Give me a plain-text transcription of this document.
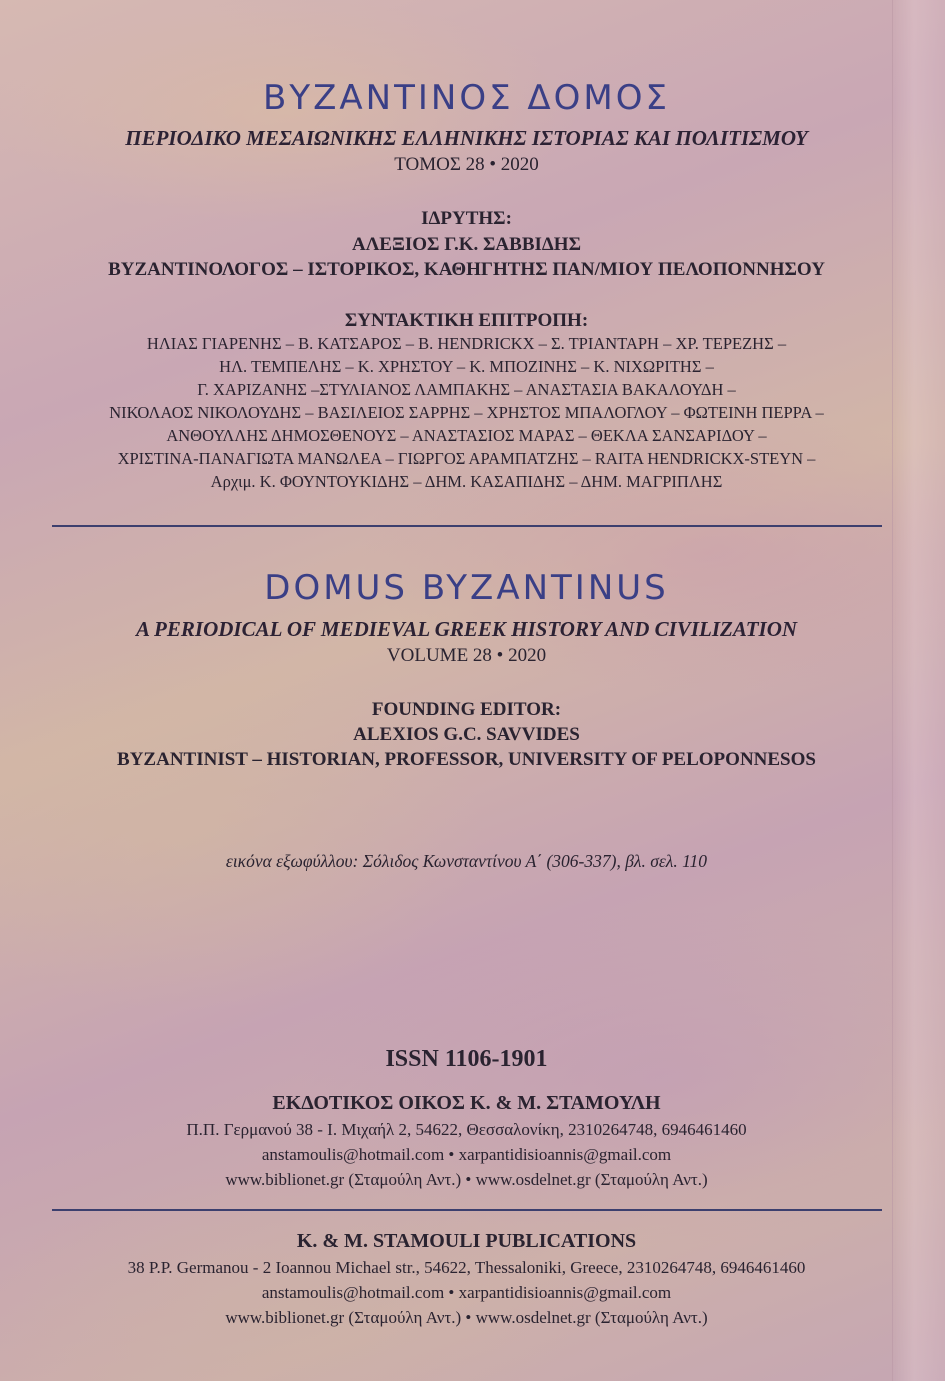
ΒΥΖΑΝΤΙΝΟΣ ΔΟΜΟΣ
ΠΕΡΙΟΔΙΚΟ ΜΕΣΑΙΩΝΙΚΗΣ ΕΛΛΗΝΙΚΗΣ ΙΣΤΟΡΙΑΣ ΚΑΙ ΠΟΛΙΤΙΣΜΟΥ
ΤΟΜΟΣ 28 • 2020
ΙΔΡΥΤΗΣ:
ΑΛΕΞΙΟΣ Γ.Κ. ΣΑΒΒΙΔΗΣ
ΒΥΖΑΝΤΙΝΟΛΟΓΟΣ – ΙΣΤΟΡΙΚΟΣ, ΚΑΘΗΓΗΤΗΣ ΠΑΝ/ΜΙΟΥ ΠΕΛΟΠΟΝΝΗΣΟΥ
ΣΥΝΤΑΚΤΙΚΗ ΕΠΙΤΡΟΠΗ:
ΗΛΙΑΣ ΓΙΑΡΕΝΗΣ – Β. ΚΑΤΣΑΡΟΣ – B. HENDRICKX – Σ. ΤΡΙΑΝΤΑΡΗ – ΧΡ. ΤΕΡΕΖΗΣ –
ΗΛ. ΤΕΜΠΕΛΗΣ – Κ. ΧΡΗΣΤΟΥ – Κ. ΜΠΟΖΙΝΗΣ – Κ. ΝΙΧΩΡΙΤΗΣ –
Γ. ΧΑΡΙΖΑΝΗΣ –ΣΤΥΛΙΑΝΟΣ ΛΑΜΠΑΚΗΣ – ΑΝΑΣΤΑΣΙΑ ΒΑΚΑΛΟΥΔΗ –
ΝΙΚΟΛΑΟΣ ΝΙΚΟΛΟΥΔΗΣ – ΒΑΣΙΛΕΙΟΣ ΣΑΡΡΗΣ – ΧΡΗΣΤΟΣ ΜΠΑΛΟΓΛΟΥ – ΦΩΤΕΙΝΗ ΠΕΡΡΑ –
ΑΝΘΟΥΛΛΗΣ ΔΗΜΟΣΘΕΝΟΥΣ – ΑΝΑΣΤΑΣΙΟΣ ΜΑΡΑΣ – ΘΕΚΛΑ ΣΑΝΣΑΡΙΔΟΥ –
ΧΡΙΣΤΙΝΑ-ΠΑΝΑΓΙΩΤΑ ΜΑΝΩΛΕΑ – ΓΙΩΡΓΟΣ ΑΡΑΜΠΑΤΖΗΣ – RAITA HENDRICKX-STEYN –
Αρχιμ. Κ. ΦΟΥΝΤΟΥΚΙΔΗΣ – ΔΗΜ. ΚΑΣΑΠΙΔΗΣ – ΔΗΜ. ΜΑΓΡΙΠΛΗΣ
DOMUS BYZANTINUS
A PERIODICAL OF MEDIEVAL GREEK HISTORY AND CIVILIZATION
VOLUME 28 • 2020
FOUNDING EDITOR:
ALEXIOS G.C. SAVVIDES
BYZANTINIST – HISTORIAN, PROFESSOR, UNIVERSITY OF PELOPONNESOS
εικόνα εξωφύλλου: Σόλιδος Κωνσταντίνου Α΄ (306-337), βλ. σελ. 110
ISSN 1106-1901
ΕΚΔΟΤΙΚΟΣ ΟΙΚΟΣ Κ. & Μ. ΣΤΑΜΟΥΛΗ
Π.Π. Γερμανού 38 - Ι. Μιχαήλ 2, 54622, Θεσσαλονίκη, 2310264748, 6946461460
anstamoulis@hotmail.com • xarpantidisioannis@gmail.com
www.biblionet.gr (Σταμούλη Αντ.) • www.osdelnet.gr (Σταμούλη Αντ.)
K. & M. STAMOULI PUBLICATIONS
38 P.P. Germanou - 2 Ioannou Michael str., 54622, Thessaloniki, Greece, 2310264748, 6946461460
anstamoulis@hotmail.com • xarpantidisioannis@gmail.com
www.biblionet.gr (Σταμούλη Αντ.) • www.osdelnet.gr (Σταμούλη Αντ.)
